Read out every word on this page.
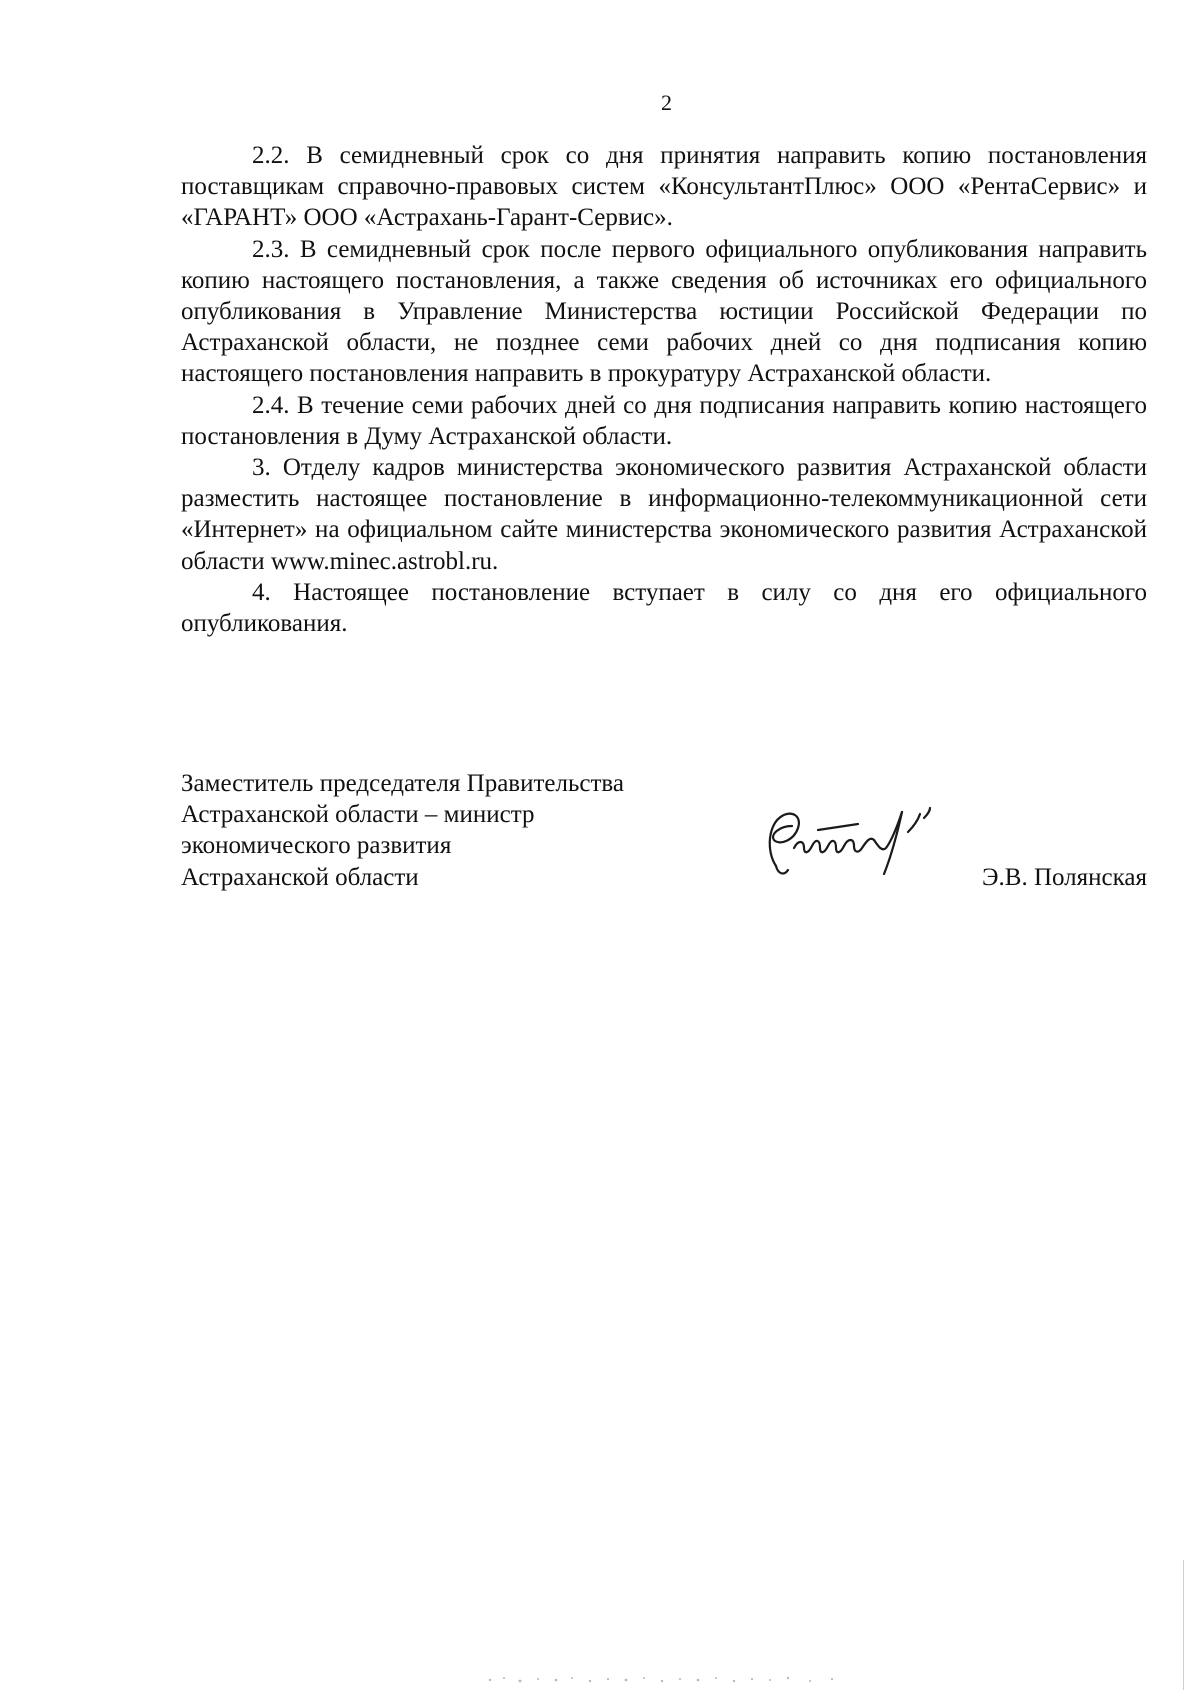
2

2.2. В семидневный срок со дня принятия направить копию постановления поставщикам справочно-правовых систем «КонсультантПлюс» ООО «РентаСервис» и «ГАРАНТ» ООО «Астрахань-Гарант-Сервис».

2.3. В семидневный срок после первого официального опубликования направить копию настоящего постановления, а также сведения об источниках его официального опубликования в Управление Министерства юстиции Российской Федерации по Астраханской области, не позднее семи рабочих дней со дня подписания копию настоящего постановления направить в прокуратуру Астраханской области.

2.4. В течение семи рабочих дней со дня подписания направить копию настоящего постановления в Думу Астраханской области.

3. Отделу кадров министерства экономического развития Астраханской области разместить настоящее постановление в информационно-телекоммуникационной сети «Интернет» на официальном сайте министерства экономического развития Астраханской области www.minec.astrobl.ru.

4. Настоящее постановление вступает в силу со дня его официального опубликования.

Заместитель председателя Правительства
Астраханской области – министр
экономического развития
Астраханской области	Э.В. Полянская
